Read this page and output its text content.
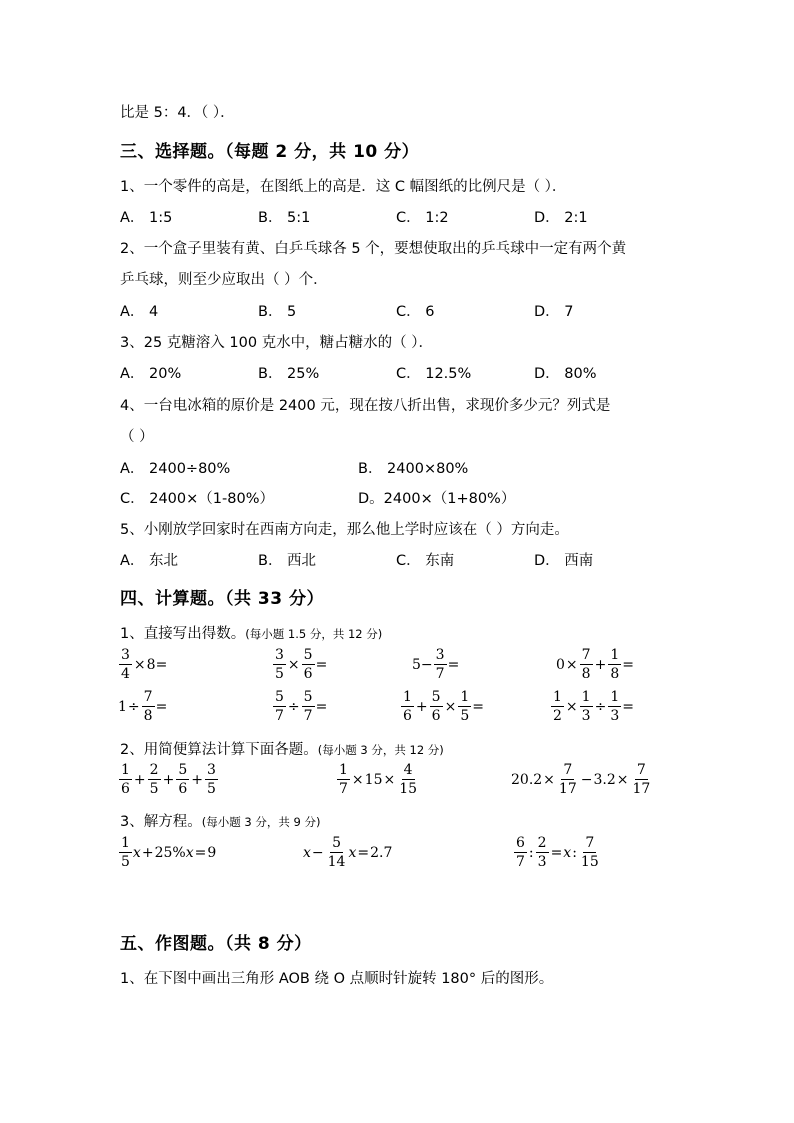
比是 5：4．（ ）．
三、选择题。（每题 2 分，共 10 分）
1、一个零件的高是，在图纸上的高是．这 C 幅图纸的比例尺是（ ）．
A． 1:5	B． 5:1	C． 1:2	D． 2:1
2、一个盒子里装有黄、白乒乓球各 5 个，要想使取出的乒乓球中一定有两个黄
乒乓球，则至少应取出（ ）个．
A． 4	B． 5	C． 6	D． 7
3、25 克糖溶入 100 克水中，糖占糖水的（ ）．
A． 20%	B． 25%	C． 12.5%	D． 80%
4、一台电冰箱的原价是 2400 元，现在按八折出售，求现价多少元？列式是
（ ）
A． 2400÷80%	B． 2400×80%
C． 2400×（1-80%）	D。2400×（1+80%）
5、小刚放学回家时在西南方向走，那么他上学时应该在（ ）方向走。
A． 东北	B． 西北	C． 东南	D． 西南
四、计算题。（共 33 分）
1、直接写出得数。(每小题 1.5 分，共 12 分)
$\frac{3}{4} \times 8$ =	$\frac{3}{5} \times \frac{5}{6}$ =	$5- \frac{3}{7}$ =	$0 \times \frac{7}{8} + \frac{1}{8}$ =
$1 \div \frac{7}{8}$ =	$\frac{5}{7} \div \frac{5}{7}$ =	$\frac{1}{6} + \frac{5}{6} \times \frac{1}{5}$ =	$\frac{1}{2} \times \frac{1}{3} \div \frac{1}{3}$ =
2、用简便算法计算下面各题。(每小题 3 分，共 12 分)
$\frac{1}{6} + \frac{2}{5} + \frac{5}{6} + \frac{3}{5}$	$\frac{1}{7} \times 15 \times \frac{4}{15}$	$20.2 \times \frac{7}{17} - 3.2 \times \frac{7}{17}$
3、解方程。(每小题 3 分，共 9 分)
$\frac{1}{5}$ x + 25% x = 9	$x - \frac{5}{14}$ x = 2.7	$\frac{6}{7}$ : $\frac{2}{3} = x$ : $\frac{7}{15}$
五、作图题。（共 8 分）
1、在下图中画出三角形 AOB 绕 O 点顺时针旋转 180° 后的图形。
